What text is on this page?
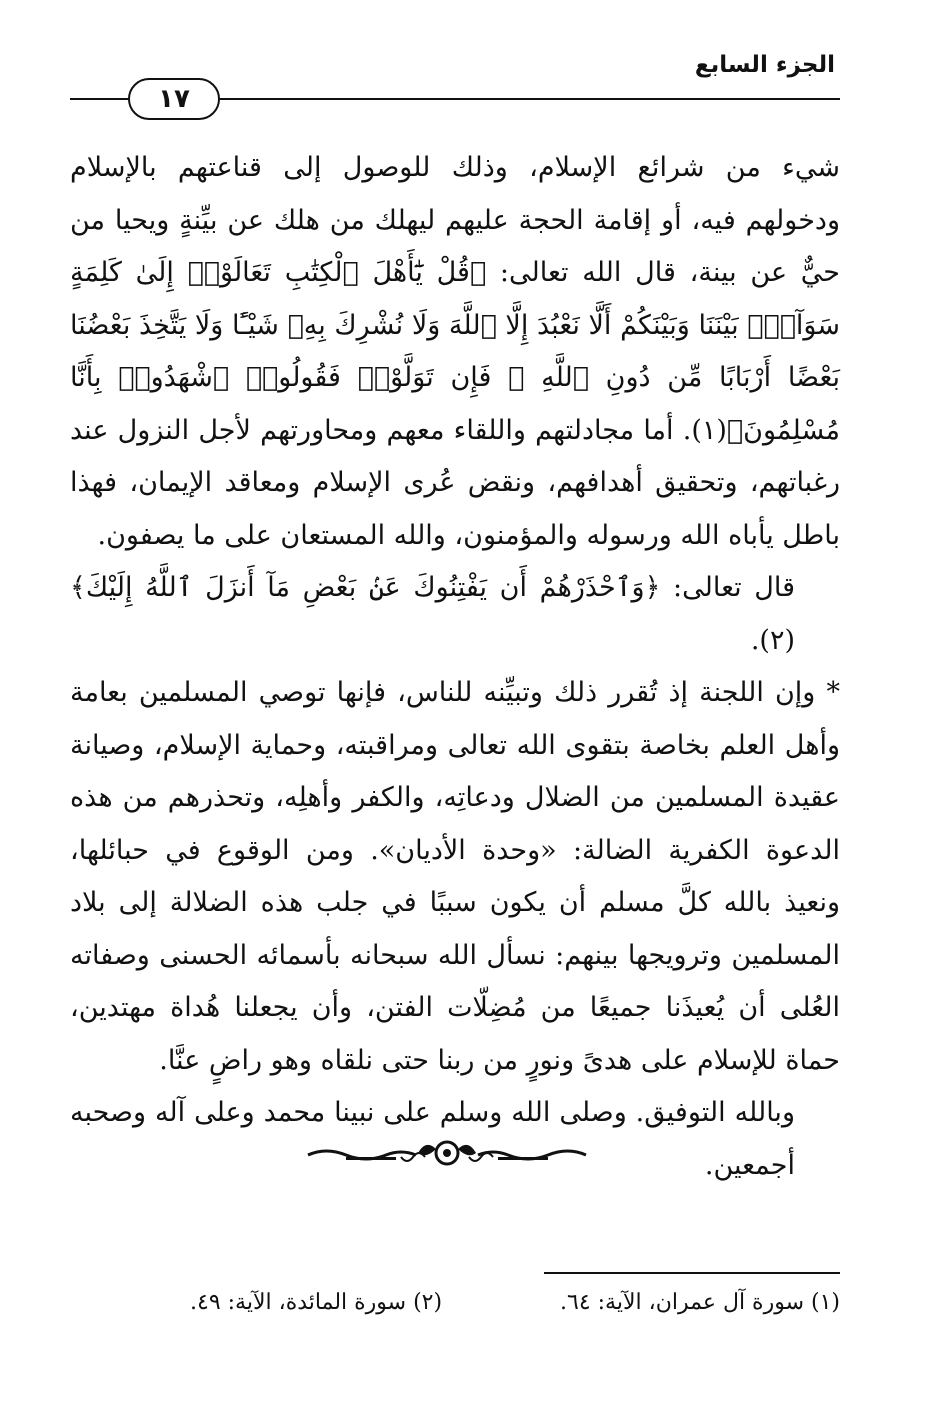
الجزء السابع
١٧

شيء من شرائع الإسلام، وذلك للوصول إلى قناعتهم بالإسلام ودخولهم فيه، أو إقامة الحجة عليهم ليهلك من هلك عن بيِّنةٍ ويحيا من حيٌّ عن بينة، قال الله تعالى: ﴿قُلْ يَٰٓأَهْلَ ٱلْكِتَٰبِ تَعَالَوْا۟ إِلَىٰ كَلِمَةٍ سَوَآءٍۭ بَيْنَنَا وَبَيْنَكُمْ أَلَّا نَعْبُدَ إِلَّا ٱللَّهَ وَلَا نُشْرِكَ بِهِۦ شَيْـًٔا وَلَا يَتَّخِذَ بَعْضُنَا بَعْضًا أَرْبَابًا مِّن دُونِ ٱللَّهِ ۚ فَإِن تَوَلَّوْا۟ فَقُولُوا۟ ٱشْهَدُوا۟ بِأَنَّا مُسْلِمُونَ﴾(١). أما مجادلتهم واللقاء معهم ومحاورتهم لأجل النزول عند رغباتهم، وتحقيق أهدافهم، ونقض عُرى الإسلام ومعاقد الإيمان، فهذا باطل يأباه الله ورسوله والمؤمنون، والله المستعان على ما يصفون.

قال تعالى: ﴿وَٱحْذَرْهُمْ أَن يَفْتِنُوكَ عَنۢ بَعْضِ مَآ أَنزَلَ ٱللَّهُ إِلَيْكَ﴾(٢).

* وإن اللجنة إذ تُقرر ذلك وتبيِّنه للناس، فإنها توصي المسلمين بعامة وأهل العلم بخاصة بتقوى الله تعالى ومراقبته، وحماية الإسلام، وصيانة عقيدة المسلمين من الضلال ودعاتِه، والكفر وأهلِه، وتحذرهم من هذه الدعوة الكفرية الضالة: «وحدة الأديان». ومن الوقوع في حبائلها، ونعيذ بالله كلَّ مسلم أن يكون سببًا في جلب هذه الضلالة إلى بلاد المسلمين وترويجها بينهم: نسأل الله سبحانه بأسمائه الحسنى وصفاته العُلى أن يُعيذَنا جميعًا من مُضِلّات الفتن، وأن يجعلنا هُداة مهتدين، حماة للإسلام على هدىً ونورٍ من ربنا حتى نلقاه وهو راضٍ عنَّا.

وبالله التوفيق. وصلى الله وسلم على نبينا محمد وعلى آله وصحبه أجمعين.

(١) سورة آل عمران، الآية: ٦٤.
(٢) سورة المائدة، الآية: ٤٩.
